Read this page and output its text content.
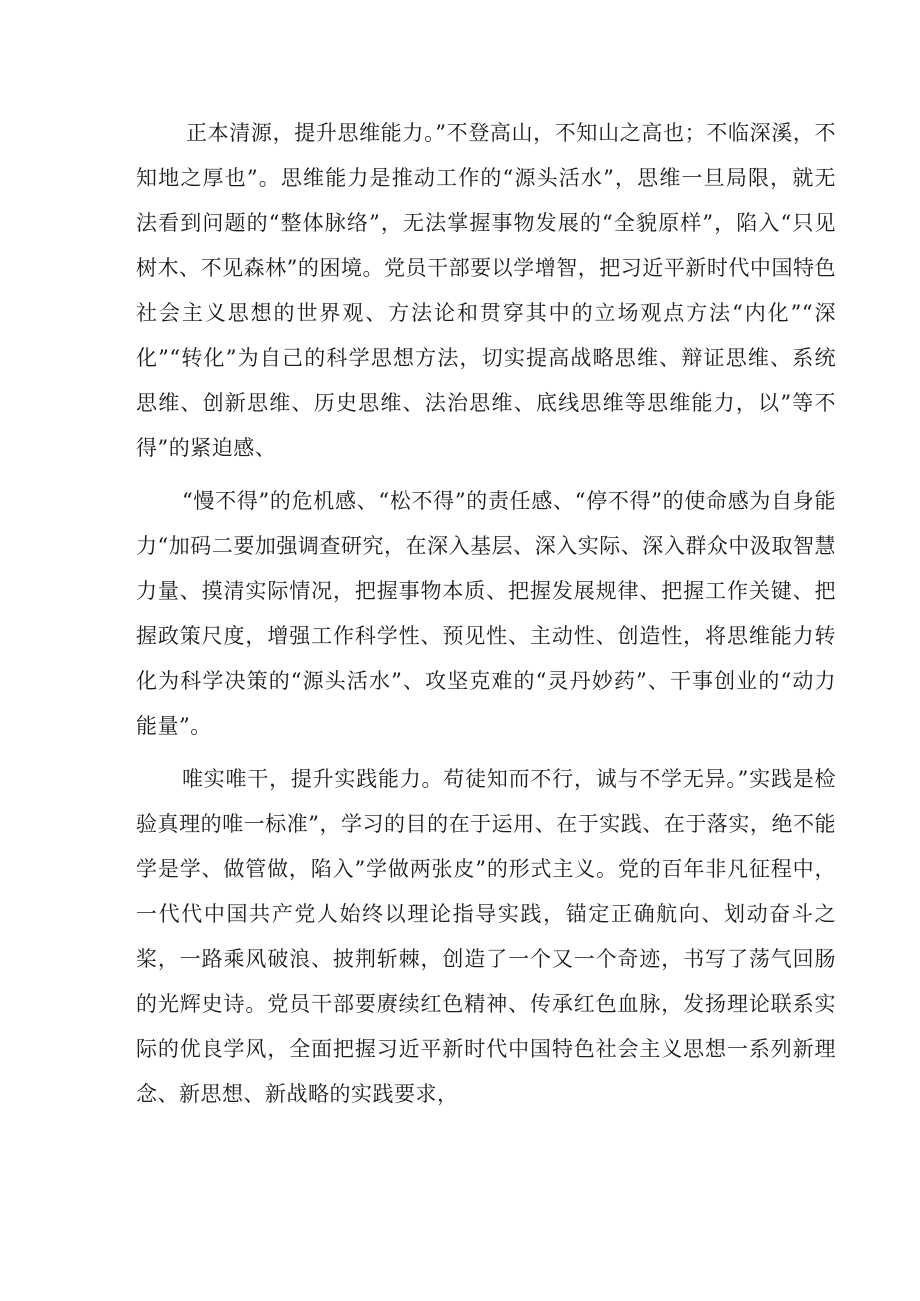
正本清源，提升思维能力。”不登高山，不知山之高也；不临深溪，不知地之厚也”。思维能力是推动工作的“源头活水”，思维一旦局限，就无法看到问题的“整体脉络”，无法掌握事物发展的“全貌原样”，陷入“只见树木、不见森林”的困境。党员干部要以学增智，把习近平新时代中国特色社会主义思想的世界观、方法论和贯穿其中的立场观点方法“内化”“深化”“转化”为自己的科学思想方法，切实提高战略思维、辩证思维、系统思维、创新思维、历史思维、法治思维、底线思维等思维能力，以”等不得”的紧迫感、

“慢不得”的危机感、“松不得”的责任感、“停不得”的使命感为自身能力“加码二要加强调查研究，在深入基层、深入实际、深入群众中汲取智慧力量、摸清实际情况，把握事物本质、把握发展规律、把握工作关键、把握政策尺度，增强工作科学性、预见性、主动性、创造性，将思维能力转化为科学决策的“源头活水”、攻坚克难的“灵丹妙药”、干事创业的“动力能量”。

唯实唯干，提升实践能力。苟徒知而不行，诚与不学无异。”实践是检验真理的唯一标准”，学习的目的在于运用、在于实践、在于落实，绝不能学是学、做管做，陷入”学做两张皮”的形式主义。党的百年非凡征程中，一代代中国共产党人始终以理论指导实践，锚定正确航向、划动奋斗之桨，一路乘风破浪、披荆斩棘，创造了一个又一个奇迹，书写了荡气回肠的光辉史诗。党员干部要赓续红色精神、传承红色血脉，发扬理论联系实际的优良学风，全面把握习近平新时代中国特色社会主义思想一系列新理念、新思想、新战略的实践要求，
